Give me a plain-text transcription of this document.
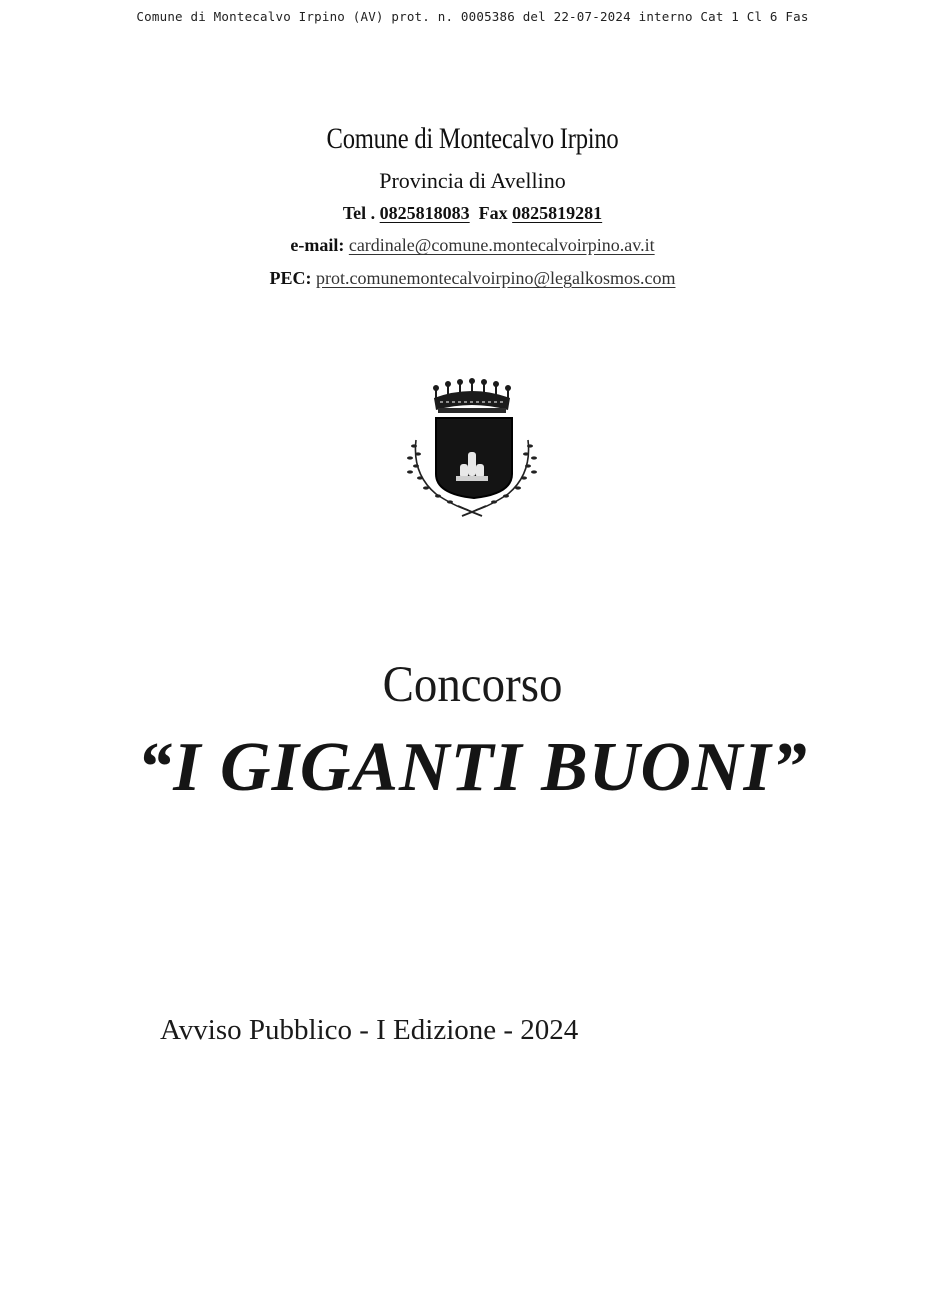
Comune di Montecalvo Irpino (AV) prot. n. 0005386 del 22-07-2024 interno Cat 1 Cl 6 Fas
Comune di Montecalvo Irpino
Provincia di Avellino
Tel . 0825818083 Fax 0825819281
e-mail: cardinale@comune.montecalvoirpino.av.it
PEC: prot.comunemontecalvoirpino@legalkosmos.com
Concorso
“I GIGANTI BUONI”
Avviso Pubblico - I Edizione - 2024
